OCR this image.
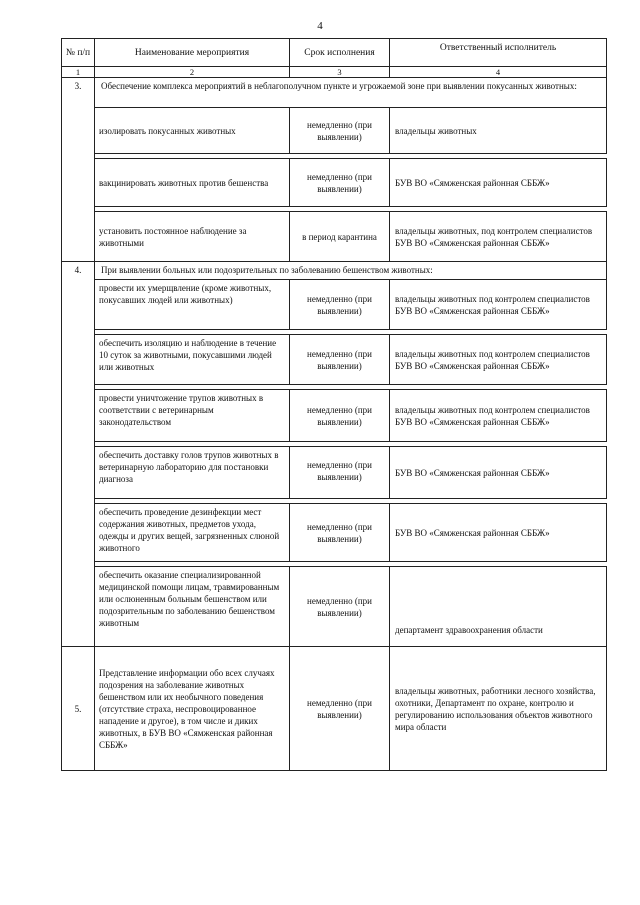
4
№ п/п	Наименование мероприятия	Срок исполнения	Ответственный исполнитель
1	2	3	4
3.	Обеспечение комплекса мероприятий в неблагополучном пункте и угрожаемой зоне при выявлении покусанных животных:		
	изолировать покусанных животных	немедленно (при выявлении)	владельцы животных

	вакцинировать животных против бешенства	немедленно (при выявлении)	БУВ ВО «Сямженская районная СББЖ»

	установить постоянное наблюдение за животными	в период карантина	владельцы животных, под контролем специалистов БУВ ВО «Сямженская районная СББЖ»
4.	При выявлении больных или подозрительных по заболеванию бешенством животных:		
	провести их умерщвление (кроме животных, покусавших людей или животных)	немедленно (при выявлении)	владельцы животных под контролем специалистов БУВ ВО «Сямженская районная СББЖ»

	обеспечить изоляцию и наблюдение в течение 10 суток за животными, покусавшими людей или животных	немедленно (при выявлении)	владельцы животных под контролем специалистов БУВ ВО «Сямженская районная СББЖ»

	провести уничтожение трупов животных в соответствии с ветеринарным законодательством	немедленно (при выявлении)	владельцы животных под контролем специалистов БУВ ВО «Сямженская районная СББЖ»

	обеспечить доставку голов трупов животных в ветеринарную лабораторию для постановки диагноза	немедленно (при выявлении)	БУВ ВО «Сямженская районная СББЖ»

	обеспечить проведение дезинфекции мест содержания животных, предметов ухода, одежды и других вещей, загрязненных слюной животного	немедленно (при выявлении)	БУВ ВО «Сямженская районная СББЖ»

	обеспечить оказание специализированной медицинской помощи лицам, травмированным или ослюненным больным бешенством или подозрительным по заболеванию бешенством животным	немедленно (при выявлении)	департамент здравоохранения области
5.	Представление информации обо всех случаях подозрения на заболевание животных бешенством или их необычного поведения (отсутствие страха, неспровоцированное нападение и другое), в том числе и диких животных, в БУВ ВО «Сямженская районная СББЖ»	немедленно (при выявлении)	владельцы животных, работники лесного хозяйства, охотники, Департамент по охране, контролю и регулированию использования объектов животного мира области
